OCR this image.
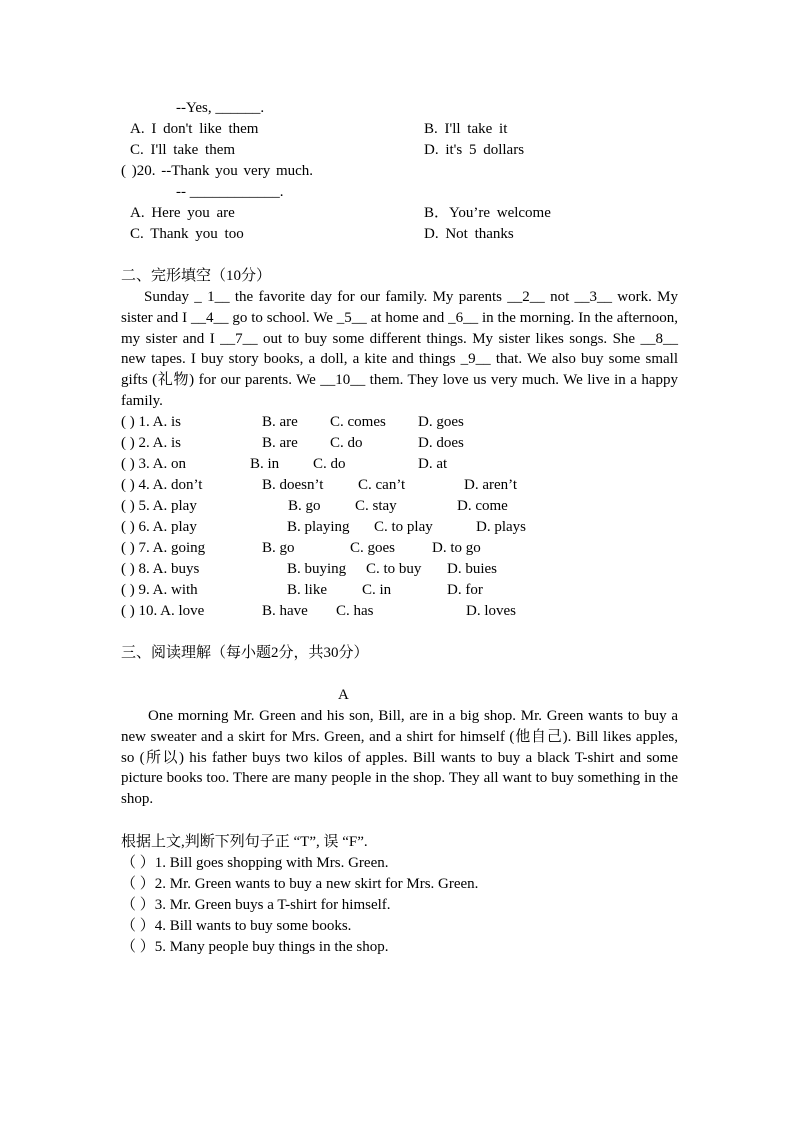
--Yes, ______.
A. I don't like them	B. I'll take it
C. I'll take them	D. it's 5 dollars
( )20. --Thank you very much.
-- ____________.
A. Here you are	B．You’re welcome
C. Thank you too	D. Not thanks
二、完形填空（10分）
Sunday _ 1__ the favorite day for our family. My parents __2__ not __3__ work. My sister and I __4__ go to school. We _5__ at home and _6__ in the morning. In the afternoon, my sister and I __7__ out to buy some different things. My sister likes songs. She __8__ new tapes. I buy story books, a doll, a kite and things _9__ that. We also buy some small gifts (礼物) for our parents. We __10__ them. They love us very much. We live in a happy family.
( ) 1. A. is	B. are C. comes D. goes
( ) 2. A. is	B. are C. do	D. does
( ) 3. A. on	B. in C. do	D. at
( ) 4. A. don’t	B. doesn’t C. can’t	D. aren’t
( ) 5. A. play	B. go C. stay	D. come
( ) 6. A. play	B. playing C. to play	D. plays
( ) 7. A. going	B. go	C. goes D. to go
( ) 8. A. buys	B. buying C. to buy D. buies
( ) 9. A. with	B. like C. in	D. for
( ) 10. A. love	B. have C. has	D. loves
三、阅读理解（每小题2分，共30分）
A
One morning Mr. Green and his son, Bill, are in a big shop. Mr. Green wants to buy a new sweater and a skirt for Mrs. Green, and a shirt for himself (他自己). Bill likes apples, so (所以) his father buys two kilos of apples. Bill wants to buy a black T-shirt and some picture books too. There are many people in the shop. They all want to buy something in the shop.
根据上文,判断下列句子正 “T”, 误 “F”.
（ ）1. Bill goes shopping with Mrs. Green.
（ ）2. Mr. Green wants to buy a new skirt for Mrs. Green.
（ ）3. Mr. Green buys a T-shirt for himself.
（ ）4. Bill wants to buy some books.
（ ）5. Many people buy things in the shop.
